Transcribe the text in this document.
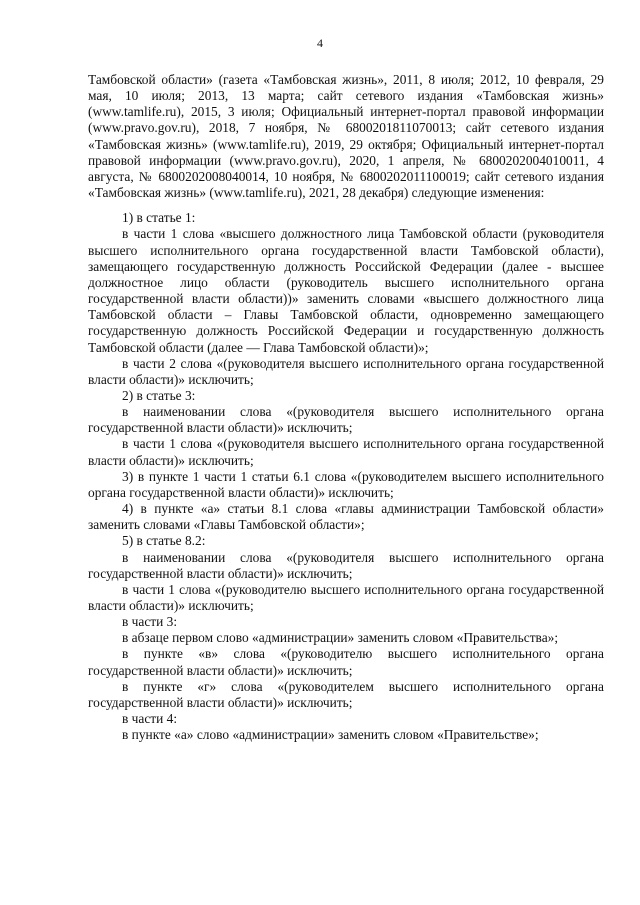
4

Тамбовской области» (газета «Тамбовская жизнь», 2011, 8 июля; 2012, 10 февраля, 29 мая, 10 июля; 2013, 13 марта; сайт сетевого издания «Тамбовская жизнь» (www.tamlife.ru), 2015, 3 июля; Официальный интернет-портал правовой информации (www.pravo.gov.ru), 2018, 7 ноября, № 6800201811070013; сайт сетевого издания «Тамбовская жизнь» (www.tamlife.ru), 2019, 29 октября; Официальный интернет-портал правовой информации (www.pravo.gov.ru), 2020, 1 апреля, № 6800202004010011, 4 августа, № 6800202008040014, 10 ноября, № 6800202011100019; сайт сетевого издания «Тамбовская жизнь» (www.tamlife.ru), 2021, 28 декабря) следующие изменения:

1) в статье 1:

в части 1 слова «высшего должностного лица Тамбовской области (руководителя высшего исполнительного органа государственной власти Тамбовской области), замещающего государственную должность Российской Федерации (далее - высшее должностное лицо области (руководитель высшего исполнительного органа государственной власти области))» заменить словами «высшего должностного лица Тамбовской области – Главы Тамбовской области, одновременно замещающего государственную должность Российской Федерации и государственную должность Тамбовской области (далее — Глава Тамбовской области)»;

в части 2 слова «(руководителя высшего исполнительного органа государственной власти области)» исключить;

2) в статье 3:

в наименовании слова «(руководителя высшего исполнительного органа государственной власти области)» исключить;

в части 1 слова «(руководителя высшего исполнительного органа государственной власти области)» исключить;

3) в пункте 1 части 1 статьи 6.1 слова «(руководителем высшего исполнительного органа государственной власти области)» исключить;

4) в пункте «а» статьи 8.1 слова «главы администрации Тамбовской области» заменить словами «Главы Тамбовской области»;

5) в статье 8.2:

в наименовании слова «(руководителя высшего исполнительного органа государственной власти области)» исключить;

в части 1 слова «(руководителю высшего исполнительного органа государственной власти области)» исключить;

в части 3:

в абзаце первом слово «администрации» заменить словом «Правительства»;

в пункте «в» слова «(руководителю высшего исполнительного органа государственной власти области)» исключить;

в пункте «г» слова «(руководителем высшего исполнительного органа государственной власти области)» исключить;

в части 4:

в пункте «а» слово «администрации» заменить словом «Правительстве»;
